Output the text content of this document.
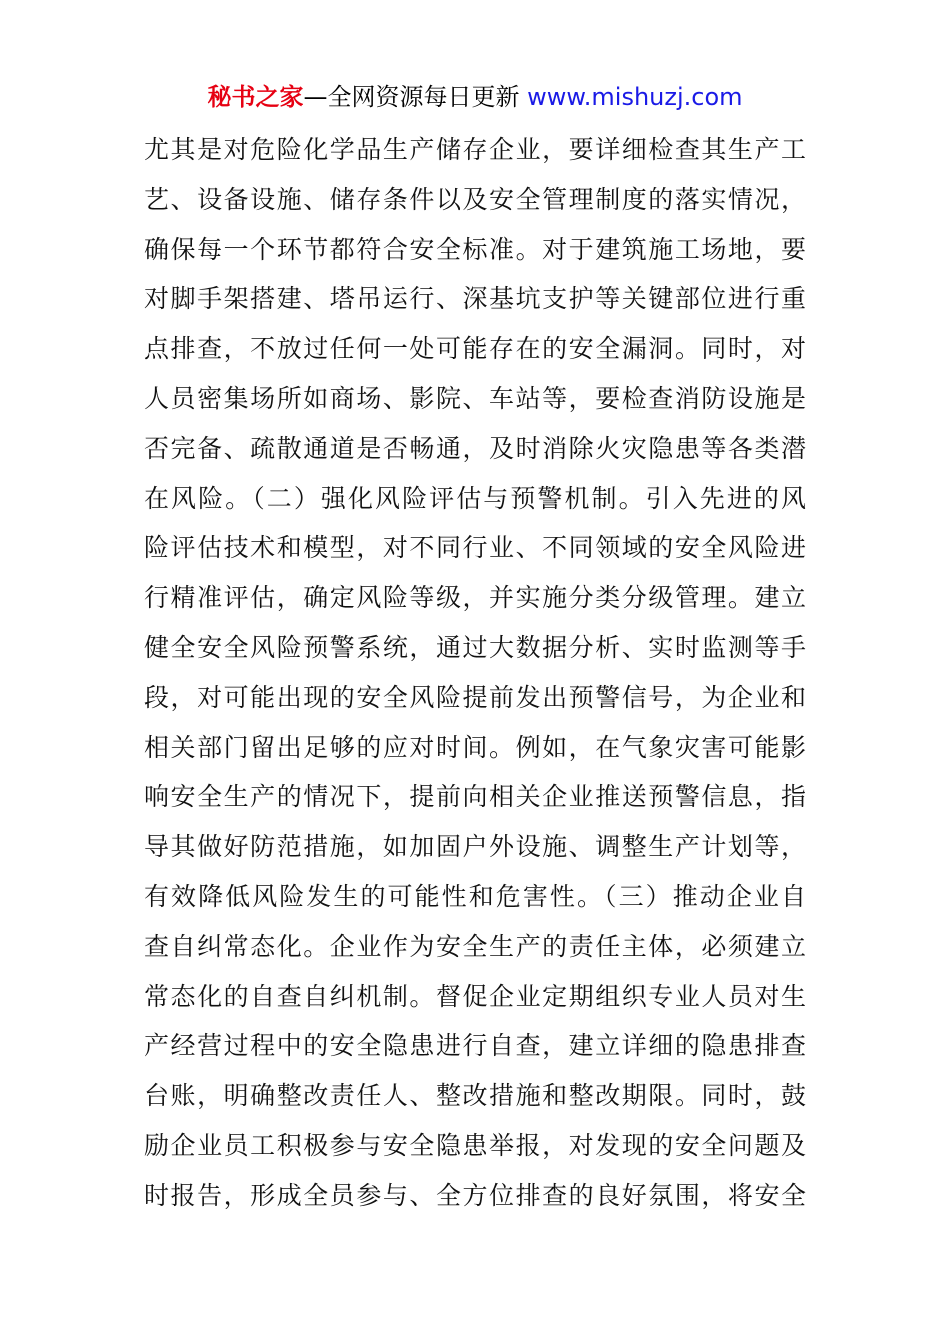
秘书之家—全网资源每日更新 www.mishuzj.com
尤其是对危险化学品生产储存企业，要详细检查其生产工
艺、设备设施、储存条件以及安全管理制度的落实情况，
确保每一个环节都符合安全标准。对于建筑施工场地，要
对脚手架搭建、塔吊运行、深基坑支护等关键部位进行重
点排查，不放过任何一处可能存在的安全漏洞。同时，对
人员密集场所如商场、影院、车站等，要检查消防设施是
否完备、疏散通道是否畅通，及时消除火灾隐患等各类潜
在风险。（二）强化风险评估与预警机制。引入先进的风
险评估技术和模型，对不同行业、不同领域的安全风险进
行精准评估，确定风险等级，并实施分类分级管理。建立
健全安全风险预警系统，通过大数据分析、实时监测等手
段，对可能出现的安全风险提前发出预警信号，为企业和
相关部门留出足够的应对时间。例如，在气象灾害可能影
响安全生产的情况下，提前向相关企业推送预警信息，指
导其做好防范措施，如加固户外设施、调整生产计划等，
有效降低风险发生的可能性和危害性。（三）推动企业自
查自纠常态化。企业作为安全生产的责任主体，必须建立
常态化的自查自纠机制。督促企业定期组织专业人员对生
产经营过程中的安全隐患进行自查，建立详细的隐患排查
台账，明确整改责任人、整改措施和整改期限。同时，鼓
励企业员工积极参与安全隐患举报，对发现的安全问题及
时报告，形成全员参与、全方位排查的良好氛围，将安全
